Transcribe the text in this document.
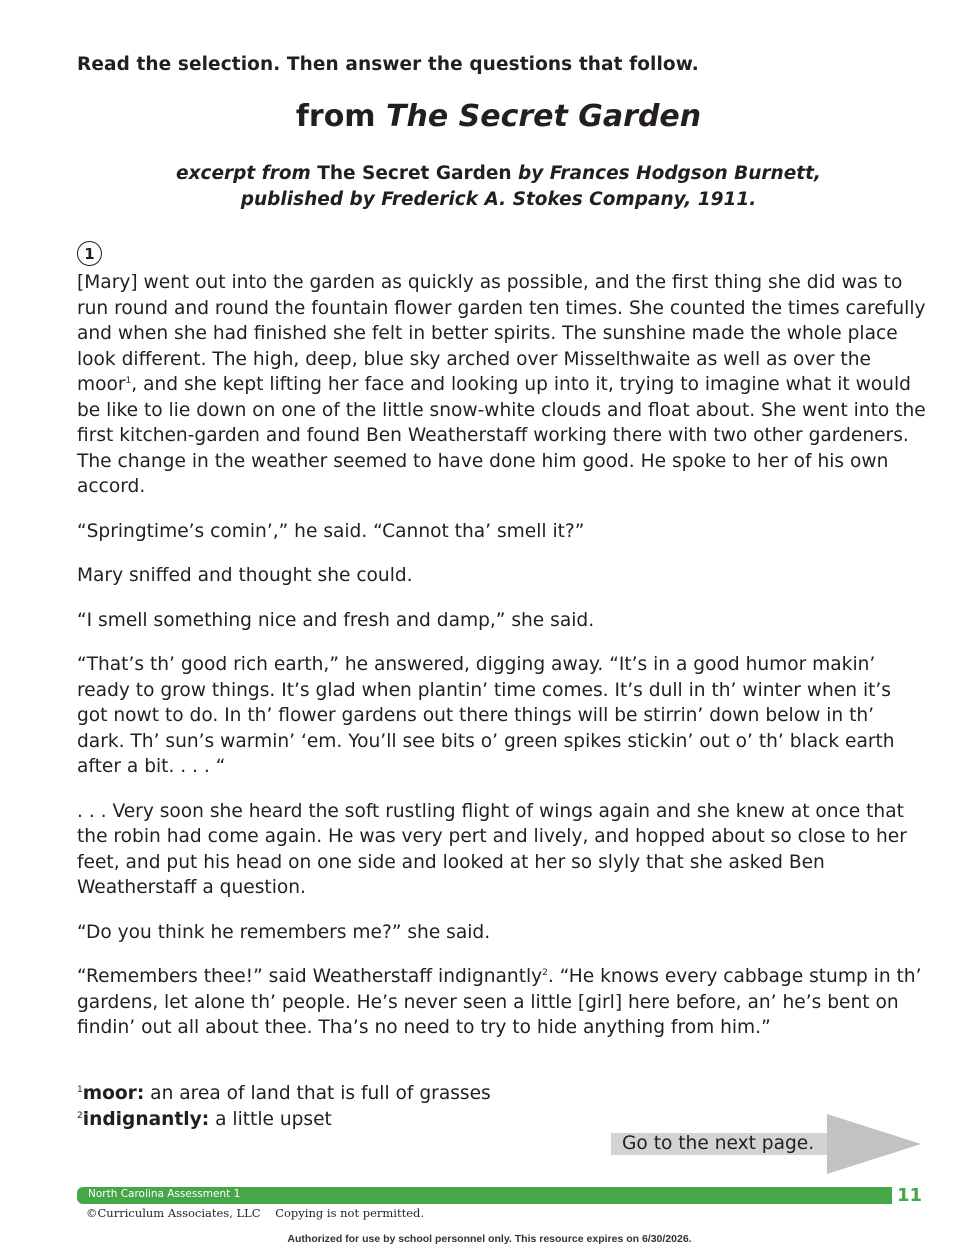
Read the selection. Then answer the questions that follow.
from The Secret Garden
excerpt from The Secret Garden by Frances Hodgson Burnett,
published by Frederick A. Stokes Company, 1911.
1

[Mary] went out into the garden as quickly as possible, and the first thing she did was to run round and round the fountain flower garden ten times. She counted the times carefully and when she had finished she felt in better spirits. The sunshine made the whole place look different. The high, deep, blue sky arched over Misselthwaite as well as over the moor$^1$, and she kept lifting her face and looking up into it, trying to imagine what it would be like to lie down on one of the little snow-white clouds and float about. She went into the first kitchen-garden and found Ben Weatherstaff working there with two other gardeners. The change in the weather seemed to have done him good. He spoke to her of his own accord.

“Springtime’s comin’,” he said. “Cannot tha’ smell it?”

Mary sniffed and thought she could.

“I smell something nice and fresh and damp,” she said.

“That’s th’ good rich earth,” he answered, digging away. “It’s in a good humor makin’ ready to grow things. It’s glad when plantin’ time comes. It’s dull in th’ winter when it’s got nowt to do. In th’ flower gardens out there things will be stirrin’ down below in th’ dark. Th’ sun’s warmin’ ‘em. You’ll see bits o’ green spikes stickin’ out o’ th’ black earth after a bit. . . . “

. . . Very soon she heard the soft rustling flight of wings again and she knew at once that the robin had come again. He was very pert and lively, and hopped about so close to her feet, and put his head on one side and looked at her so slyly that she asked Ben Weatherstaff a question.

“Do you think he remembers me?” she said.

“Remembers thee!” said Weatherstaff indignantly$^2$. “He knows every cabbage stump in th’ gardens, let alone th’ people. He’s never seen a little [girl] here before, an’ he’s bent on findin’ out all about thee. Tha’s no need to try to hide anything from him.”

$^1$moor: an area of land that is full of grasses
$^2$indignantly: a little upset
Go to the next page.
North Carolina Assessment 1	11
©Curriculum Associates, LLC    Copying is not permitted.
Authorized for use by school personnel only. This resource expires on 6/30/2026.
